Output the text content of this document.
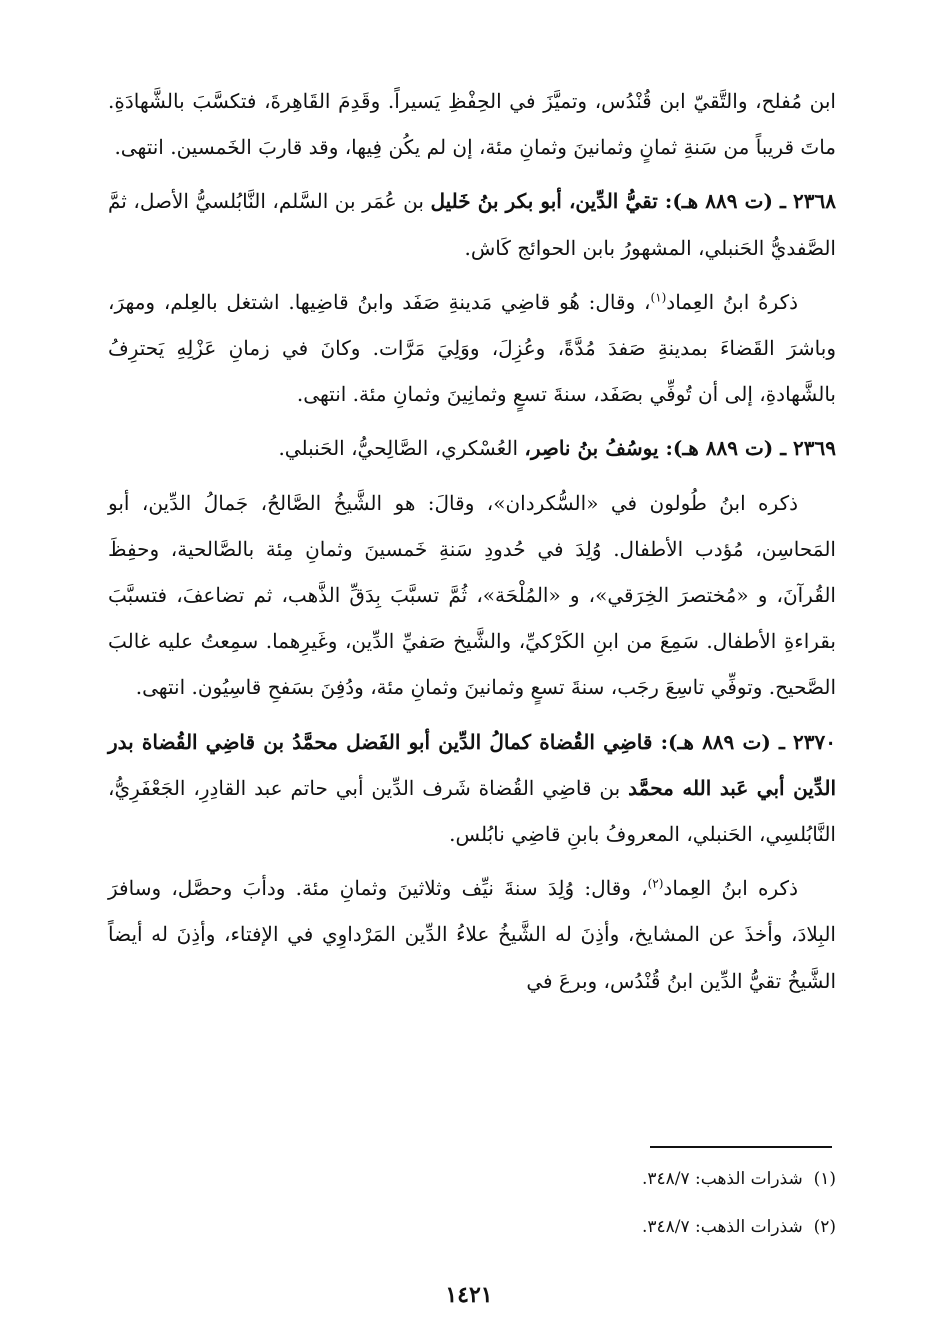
ابن مُفلح، والتَّقيّ ابن قُنْدُس، وتميَّزَ في الحِفْظِ يَسيراً. وقَدِمَ القَاهِرةَ، فتكسَّبَ بالشَّهادَةِ. ماتَ قريباً من سَنةِ ثمانٍ وثمانينَ وثمانِ مئة، إن لم يكُن فِيها، وقد قاربَ الخَمسين. انتهى.

٢٣٦٨ ـ (ت ٨٨٩ هـ): تقيُّ الدِّين، أبو بكر بنُ خَليل بن عُمَر بن السَّلم، النَّابُلسيُّ الأصل، ثمَّ الصَّفديُّ الحَنبلي، المشهورُ بابن الحوائج كَاش.

ذكرهُ ابنُ العِماد$^{(١)}$، وقال: هُو قاضِي مَدينةِ صَفَد وابنُ قاضِيها. اشتغل بالعِلم، ومهرَ، وباشرَ القَضاءَ بمدينةِ صَفدَ مُدَّةً، وعُزِلَ، ووَلِيَ مَرَّات. وكانَ في زمانِ عَزْلِهِ يَحترِفُ بالشَّهادةِ، إلى أن تُوفِّي بصَفَد، سنةَ تسعٍ وثمانِينَ وثمانِ مئة. انتهى.

٢٣٦٩ ـ (ت ٨٨٩ هـ): يوسُفُ بنُ ناصِر، العُسْكري، الصَّالِحيُّ، الحَنبلي.

ذكره ابنُ طُولون في «السُّكردان»، وقالَ: هو الشَّيخُ الصَّالحُ، جَمالُ الدِّين، أبو المَحاسِن، مُؤدب الأطفال. وُلِدَ في حُدودِ سَنةِ خَمسينَ وثمانِ مِئة بالصَّالحية، وحفِظَ القُرآنَ، و «مُختصرَ الخِرَقي»، و «المُلْحَة»، ثُمَّ تسبَّبَ بِدَقِّ الذَّهب، ثم تضاعفَ، فتسبَّبَ بقراءةِ الأطفال. سَمِعَ من ابنِ الكَرْكيِّ، والشَّيخ صَفيِّ الدِّين، وغَيرِهما. سمِعتُ عليه غالبَ الصَّحيح. وتوفِّي تاسِعَ رجَب، سنةَ تسعٍ وثمانينَ وثمانِ مئة، ودُفِنَ بسَفحِ قاسِيُون. انتهى.

٢٣٧٠ ـ (ت ٨٨٩ هـ): قاضِي القُضاة كمالُ الدِّين أبو الفَضل محمَّدُ بن قاضِي القُضاة بدر الدِّين أبي عَبد الله محمَّد بن قاضِي القُضاة شَرف الدِّين أبي حاتم عبد القادِرِ، الجَعْفَرِيُّ، النَّابُلسِي، الحَنبلي، المعروفُ بابنِ قاضِي نابُلس.

ذكره ابنُ العِماد$^{(٢)}$، وقال: وُلِدَ سنةَ نيِّف وثلاثينَ وثمانِ مئة. ودأبَ وحصَّل، وسافرَ البِلادَ، وأخذَ عن المشايخ، وأذِنَ له الشَّيخُ علاءُ الدِّين المَرْداوِي في الإفتاء، وأذِنَ له أيضاً الشَّيخُ تقيُّ الدِّين ابنُ قُنْدُس، وبرعَ في

(١)  شذرات الذهب: ٣٤٨/٧.

(٢)  شذرات الذهب: ٣٤٨/٧.

١٤٢١
